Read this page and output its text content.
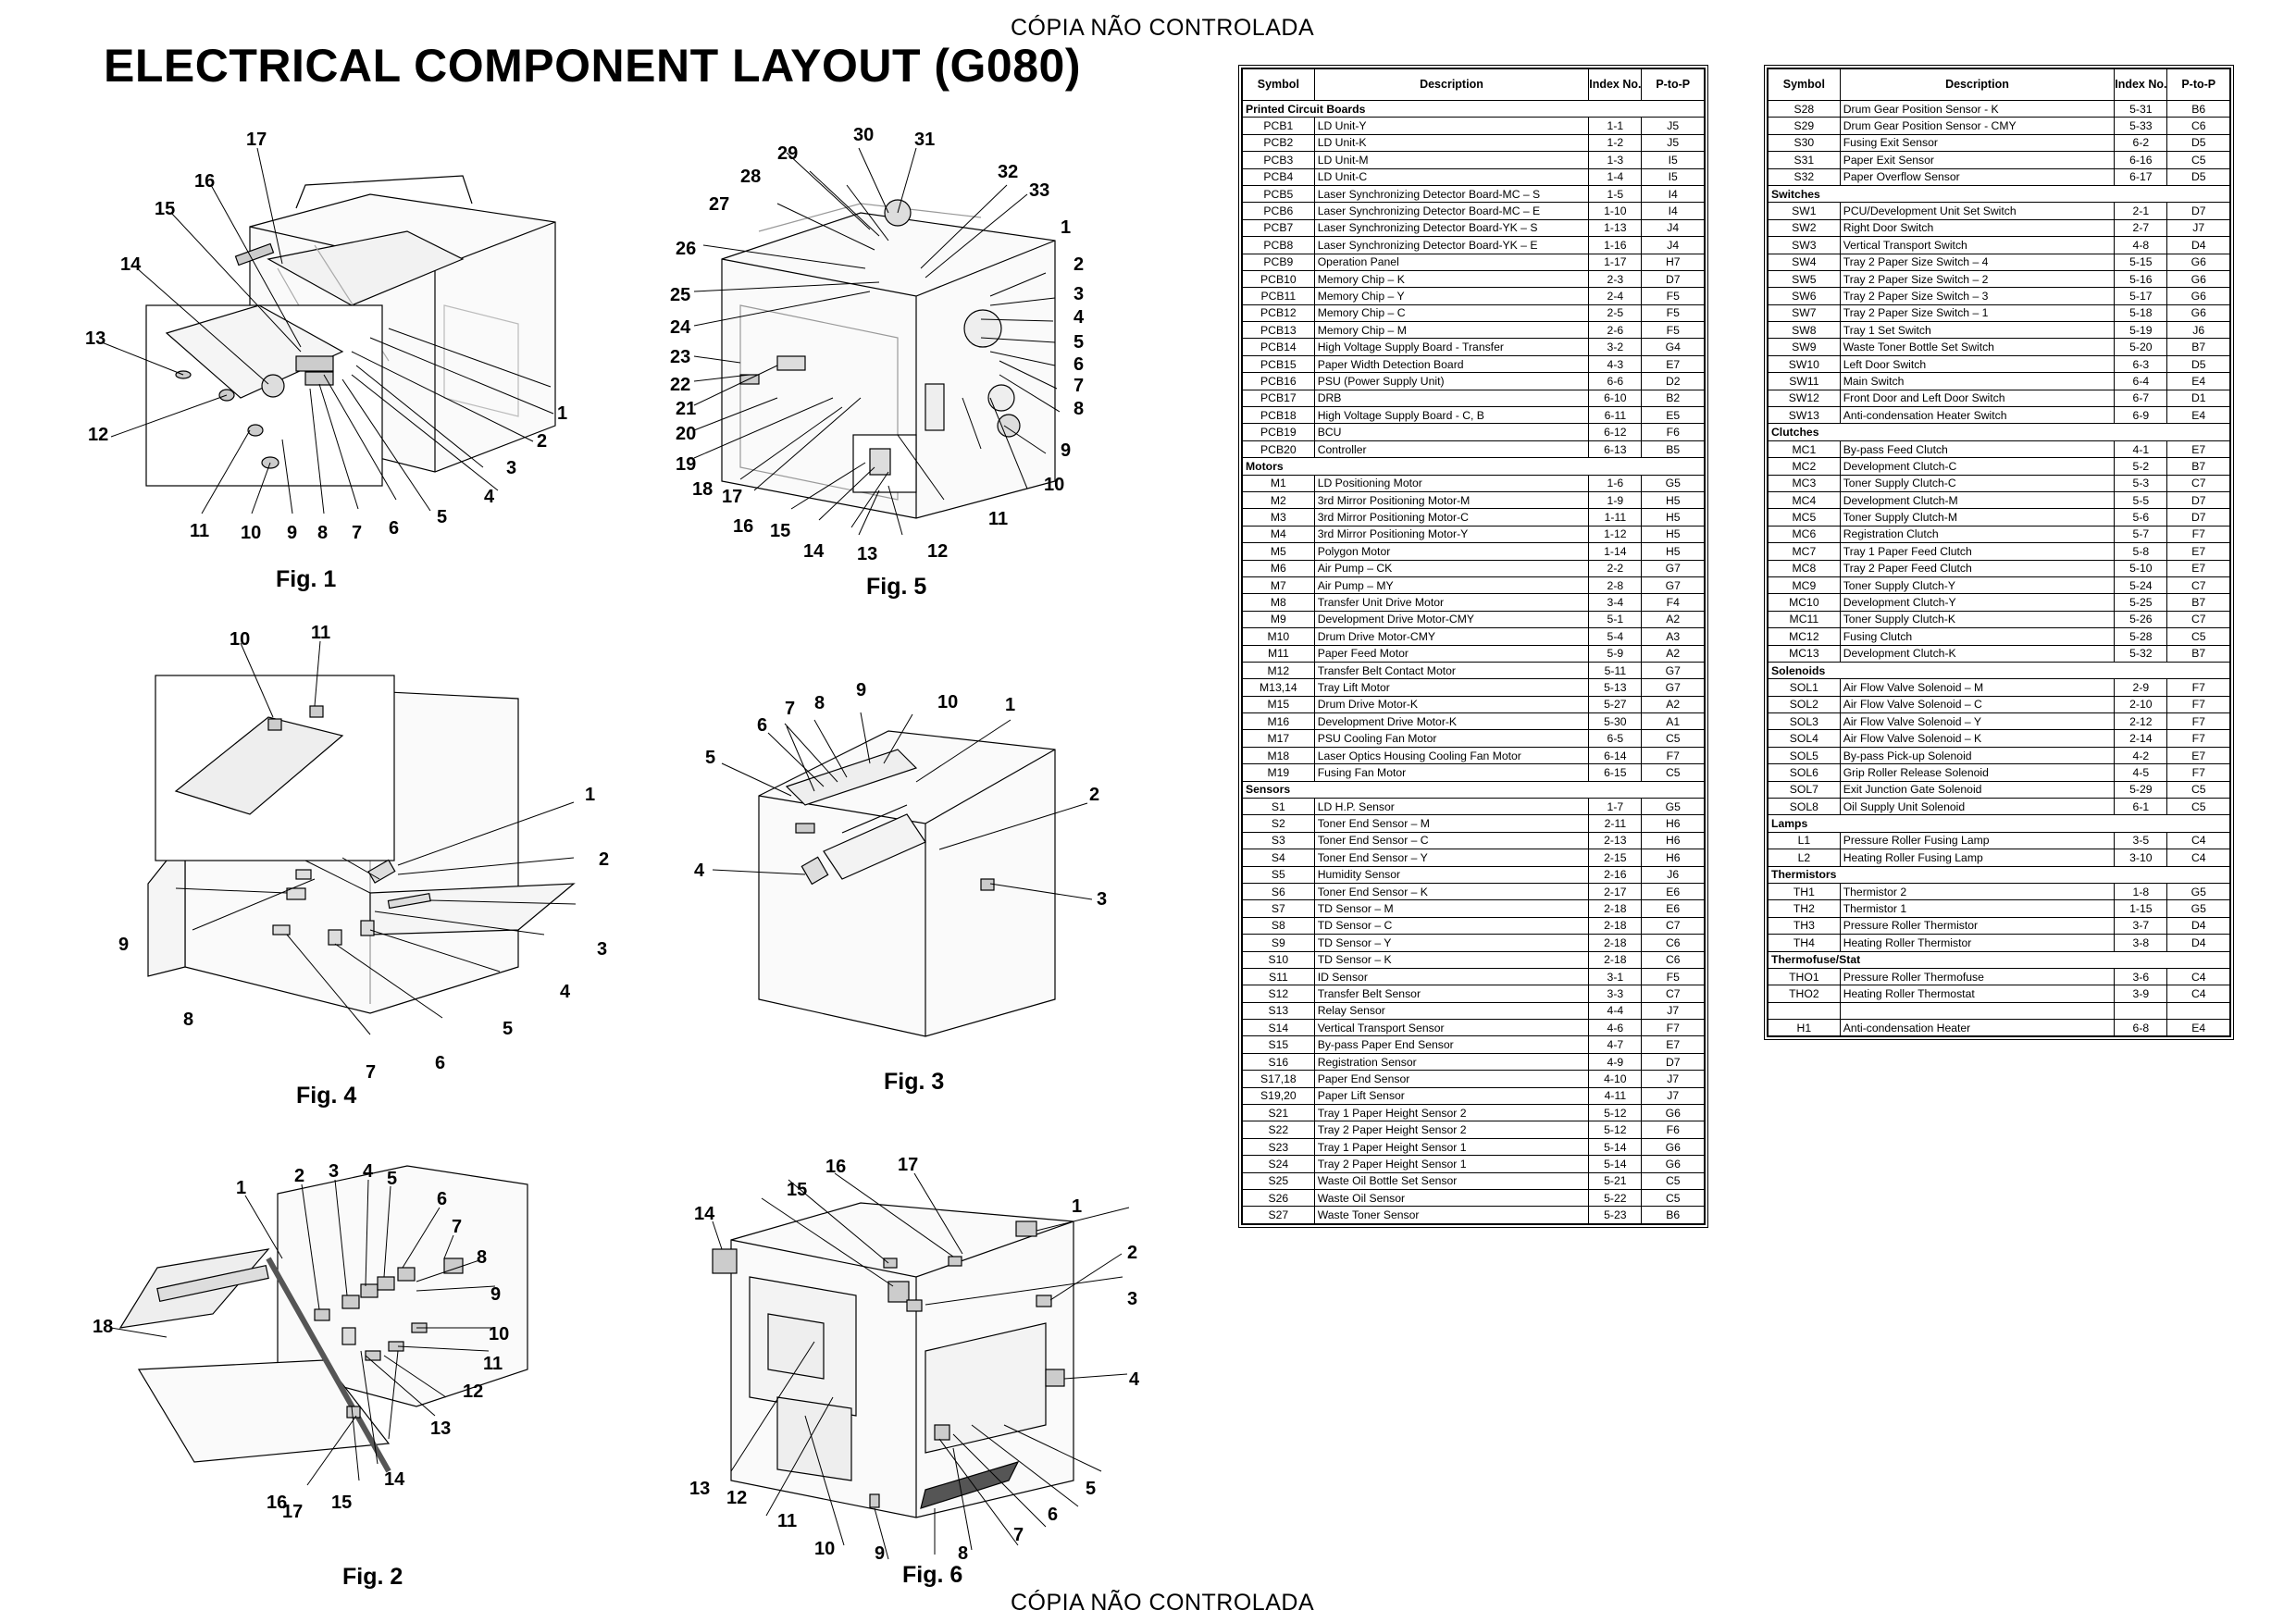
CÓPIA NÃO CONTROLADA
ELECTRICAL COMPONENT LAYOUT (G080)
CÓPIA NÃO CONTROLADA
1
2
3
4
5
6
7
8
9
10
11
12
13
14
15
16
17
Fig. 1
1
2
3
4
5
6
7
8
9
10
11
12
13
14
15
16
17
18
19
20
21
22
23
24
25
26
27
28
29
30 31
32
33
Fig. 5
1
2
3
4
5
6
7
8
9
10	11
Fig. 4
1
2
3
4
5
6
7 8
9
10
Fig. 3
1
2 3 4 5
6
7
8
9
10
11
12
13
14
15
16
17
18
Fig. 2
1
2
3
4
5
6
7
8
9
10
11
12
13
14
15
16	17
Fig. 6
Symbol	Description	Index No.	P-to-P
Printed Circuit Boards			
PCB1	LD Unit-Y	1-1	J5
PCB2	LD Unit-K	1-2	J5
PCB3	LD Unit-M	1-3	I5
PCB4	LD Unit-C	1-4	I5
PCB5	Laser Synchronizing Detector Board-MC – S	1-5	I4
PCB6	Laser Synchronizing Detector Board-MC – E	1-10	I4
PCB7	Laser Synchronizing Detector Board-YK – S	1-13	J4
PCB8	Laser Synchronizing Detector Board-YK – E	1-16	J4
PCB9	Operation Panel	1-17	H7
PCB10	Memory Chip – K	2-3	D7
PCB11	Memory Chip – Y	2-4	F5
PCB12	Memory Chip – C	2-5	F5
PCB13	Memory Chip – M	2-6	F5
PCB14	High Voltage Supply Board - Transfer	3-2	G4
PCB15	Paper Width Detection Board	4-3	E7
PCB16	PSU (Power Supply Unit)	6-6	D2
PCB17	DRB	6-10	B2
PCB18	High Voltage Supply Board - C, B	6-11	E5
PCB19	BCU	6-12	F6
PCB20	Controller	6-13	B5
Motors			
M1	LD Positioning Motor	1-6	G5
M2	3rd Mirror Positioning Motor-M	1-9	H5
M3	3rd Mirror Positioning Motor-C	1-11	H5
M4	3rd Mirror Positioning Motor-Y	1-12	H5
M5	Polygon Motor	1-14	H5
M6	Air Pump – CK	2-2	G7
M7	Air Pump – MY	2-8	G7
M8	Transfer Unit Drive Motor	3-4	F4
M9	Development Drive Motor-CMY	5-1	A2
M10	Drum Drive Motor-CMY	5-4	A3
M11	Paper Feed Motor	5-9	A2
M12	Transfer Belt Contact Motor	5-11	G7
M13,14	Tray Lift Motor	5-13	G7
M15	Drum Drive Motor-K	5-27	A2
M16	Development Drive Motor-K	5-30	A1
M17	PSU Cooling Fan Motor	6-5	C5
M18	Laser Optics Housing Cooling Fan Motor	6-14	F7
M19	Fusing Fan Motor	6-15	C5
Sensors			
S1	LD H.P. Sensor	1-7	G5
S2	Toner End Sensor – M	2-11	H6
S3	Toner End Sensor – C	2-13	H6
S4	Toner End Sensor – Y	2-15	H6
S5	Humidity Sensor	2-16	J6
S6	Toner End Sensor – K	2-17	E6
S7	TD Sensor – M	2-18	E6
S8	TD Sensor – C	2-18	C7
S9	TD Sensor – Y	2-18	C6
S10	TD Sensor – K	2-18	C6
S11	ID Sensor	3-1	F5
S12	Transfer Belt Sensor	3-3	C7
S13	Relay Sensor	4-4	J7
S14	Vertical Transport Sensor	4-6	F7
S15	By-pass Paper End Sensor	4-7	E7
S16	Registration Sensor	4-9	D7
S17,18	Paper End Sensor	4-10	J7
S19,20	Paper Lift Sensor	4-11	J7
S21	Tray 1 Paper Height Sensor 2	5-12	G6
S22	Tray 2 Paper Height Sensor 2	5-12	F6
S23	Tray 1 Paper Height Sensor 1	5-14	G6
S24	Tray 2 Paper Height Sensor 1	5-14	G6
S25	Waste Oil Bottle Set Sensor	5-21	C5
S26	Waste Oil Sensor	5-22	C5
S27	Waste Toner Sensor	5-23	B6
Symbol	Description	Index No.	P-to-P
S28	Drum Gear Position Sensor - K	5-31	B6
S29	Drum Gear Position Sensor - CMY	5-33	C6
S30	Fusing Exit Sensor	6-2	D5
S31	Paper Exit Sensor	6-16	C5
S32	Paper Overflow Sensor	6-17	D5
Switches			
SW1	PCU/Development Unit Set Switch	2-1	D7
SW2	Right Door Switch	2-7	J7
SW3	Vertical Transport Switch	4-8	D4
SW4	Tray 2 Paper Size Switch – 4	5-15	G6
SW5	Tray 2 Paper Size Switch – 2	5-16	G6
SW6	Tray 2 Paper Size Switch – 3	5-17	G6
SW7	Tray 2 Paper Size Switch – 1	5-18	G6
SW8	Tray 1 Set Switch	5-19	J6
SW9	Waste Toner Bottle Set Switch	5-20	B7
SW10	Left Door Switch	6-3	D5
SW11	Main Switch	6-4	E4
SW12	Front Door and Left Door Switch	6-7	D1
SW13	Anti-condensation Heater Switch	6-9	E4
Clutches			
MC1	By-pass Feed Clutch	4-1	E7
MC2	Development Clutch-C	5-2	B7
MC3	Toner Supply Clutch-C	5-3	C7
MC4	Development Clutch-M	5-5	D7
MC5	Toner Supply Clutch-M	5-6	D7
MC6	Registration Clutch	5-7	F7
MC7	Tray 1 Paper Feed Clutch	5-8	E7
MC8	Tray 2 Paper Feed Clutch	5-10	E7
MC9	Toner Supply Clutch-Y	5-24	C7
MC10	Development Clutch-Y	5-25	B7
MC11	Toner Supply Clutch-K	5-26	C7
MC12	Fusing Clutch	5-28	C5
MC13	Development Clutch-K	5-32	B7
Solenoids			
SOL1	Air Flow Valve Solenoid – M	2-9	F7
SOL2	Air Flow Valve Solenoid – C	2-10	F7
SOL3	Air Flow Valve Solenoid – Y	2-12	F7
SOL4	Air Flow Valve Solenoid – K	2-14	F7
SOL5	By-pass Pick-up Solenoid	4-2	E7
SOL6	Grip Roller Release Solenoid	4-5	F7
SOL7	Exit Junction Gate Solenoid	5-29	C5
SOL8	Oil Supply Unit Solenoid	6-1	C5
Lamps			
L1	Pressure Roller Fusing Lamp	3-5	C4
L2	Heating Roller Fusing Lamp	3-10	C4
Thermistors			
TH1	Thermistor 2	1-8	G5
TH2	Thermistor 1	1-15	G5
TH3	Pressure Roller Thermistor	3-7	D4
TH4	Heating Roller Thermistor	3-8	D4
Thermofuse/Stat			
THO1	Pressure Roller Thermofuse	3-6	C4
THO2	Heating Roller Thermostat	3-9	C4

H1	Anti-condensation Heater	6-8	E4
